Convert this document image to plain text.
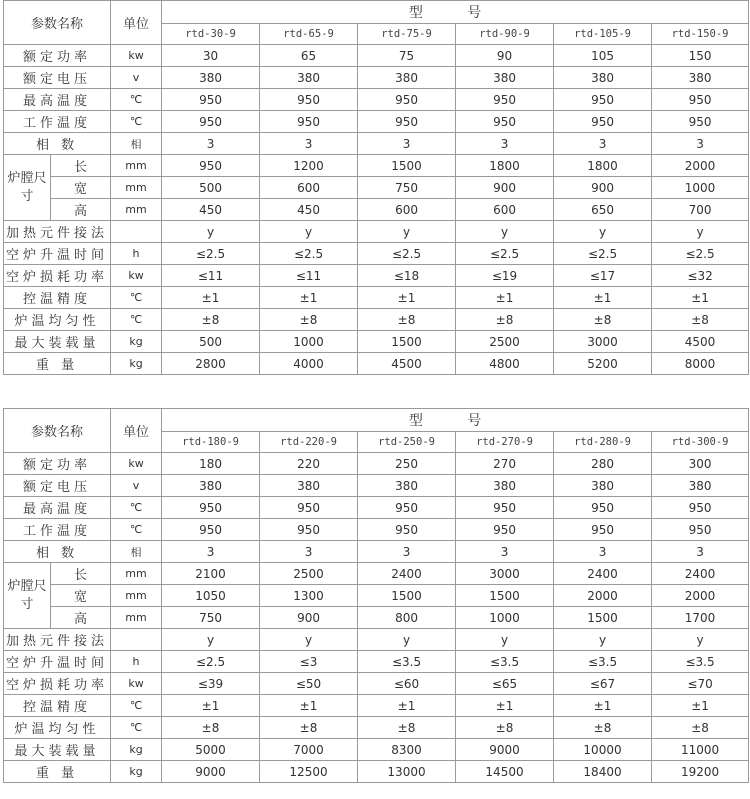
参数名称		单位	型 号					
			rtd-30-9	rtd-65-9	rtd-75-9	rtd-90-9	rtd-105-9	rtd-150-9
额定功率		kw	30	65	75	90	105	150
额定电压		v	380	380	380	380	380	380
最高温度		℃	950	950	950	950	950	950
工作温度		℃	950	950	950	950	950	950
相 数		相	3	3	3	3	3	3
炉膛尺寸	长	mm	950	1200	1500	1800	1800	2000
	宽	mm	500	600	750	900	900	1000
	高	mm	450	450	600	600	650	700
加热元件接法			y	y	y	y	y	y
空炉升温时间		h	≤2.5	≤2.5	≤2.5	≤2.5	≤2.5	≤2.5
空炉损耗功率		kw	≤11	≤11	≤18	≤19	≤17	≤32
控温精度		℃	±1	±1	±1	±1	±1	±1
炉温均匀性		℃	±8	±8	±8	±8	±8	±8
最大装载量		kg	500	1000	1500	2500	3000	4500
重 量		kg	2800	4000	4500	4800	5200	8000
参数名称		单位	型 号					
			rtd-180-9	rtd-220-9	rtd-250-9	rtd-270-9	rtd-280-9	rtd-300-9
额定功率		kw	180	220	250	270	280	300
额定电压		v	380	380	380	380	380	380
最高温度		℃	950	950	950	950	950	950
工作温度		℃	950	950	950	950	950	950
相 数		相	3	3	3	3	3	3
炉膛尺寸	长	mm	2100	2500	2400	3000	2400	2400
	宽	mm	1050	1300	1500	1500	2000	2000
	高	mm	750	900	800	1000	1500	1700
加热元件接法			y	y	y	y	y	y
空炉升温时间		h	≤2.5	≤3	≤3.5	≤3.5	≤3.5	≤3.5
空炉损耗功率		kw	≤39	≤50	≤60	≤65	≤67	≤70
控温精度		℃	±1	±1	±1	±1	±1	±1
炉温均匀性		℃	±8	±8	±8	±8	±8	±8
最大装载量		kg	5000	7000	8300	9000	10000	11000
重 量		kg	9000	12500	13000	14500	18400	19200
